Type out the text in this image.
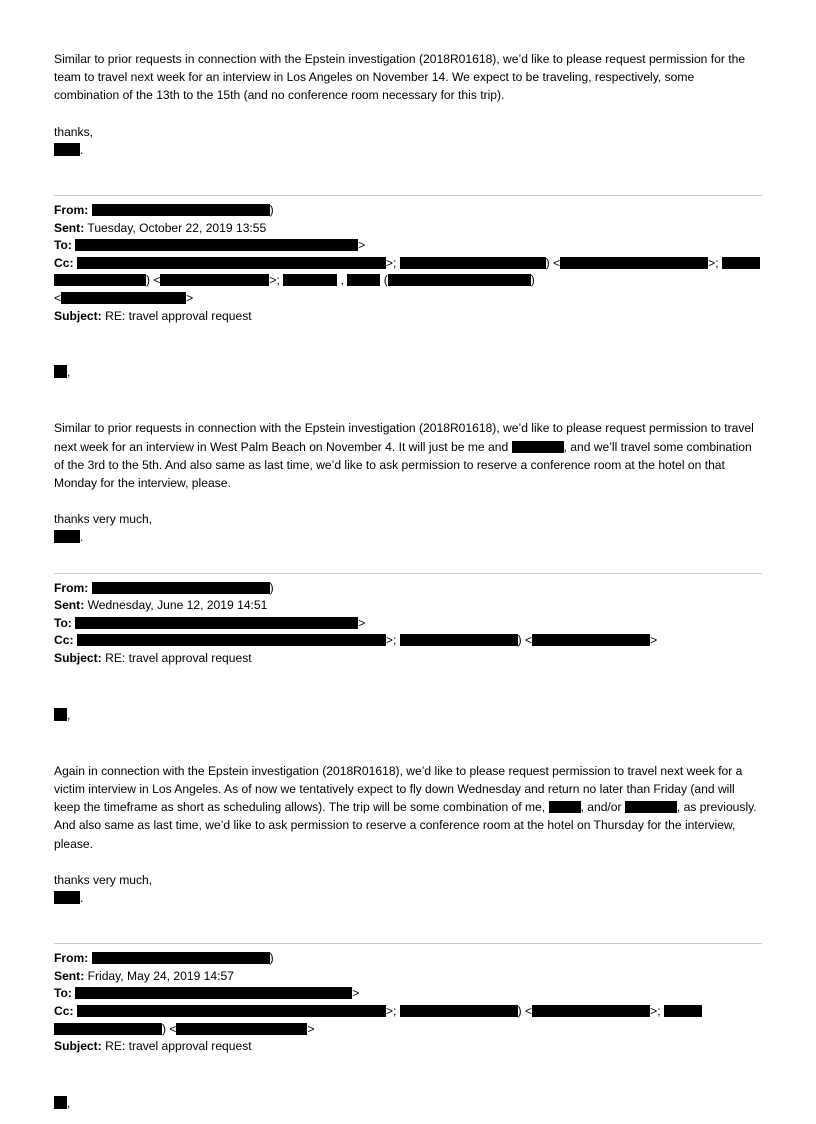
Similar to prior requests in connection with the Epstein investigation (2018R01618), we’d like to please request permission for the team to travel next week for an interview in Los Angeles on November 14. We expect to be traveling, respectively, some combination of the 13th to the 15th (and no conference room necessary for this trip).

thanks,

.

From:	)
Sent: Tuesday, October 22, 2019 13:55
To:	>
Cc:	>;	) <	>;
) <	>;	,	(	)
<	>
Subject: RE: travel approval request

,

Similar to prior requests in connection with the Epstein investigation (2018R01618), we’d like to please request permission to travel next week for an interview in West Palm Beach on November 4. It will just be me and	, and we’ll travel some combination of the 3rd to the 5th. And also same as last time, we’d like to ask permission to reserve a conference room at the hotel on that Monday for the interview, please.

thanks very much,

.

From:	)
Sent: Wednesday, June 12, 2019 14:51
To:	>
Cc:	>;	) <	>
Subject: RE: travel approval request

,

Again in connection with the Epstein investigation (2018R01618), we’d like to please request permission to travel next week for a victim interview in Los Angeles. As of now we tentatively expect to fly down Wednesday and return no later than Friday (and will keep the timeframe as short as scheduling allows). The trip will be some combination of me,	, and/or	, as previously. And also same as last time, we’d like to ask permission to reserve a conference room at the hotel on Thursday for the interview, please.

thanks very much,

.

From:	)
Sent: Friday, May 24, 2019 14:57
To:	>
Cc:	>;	) <	>;
) <	>
Subject: RE: travel approval request

,
